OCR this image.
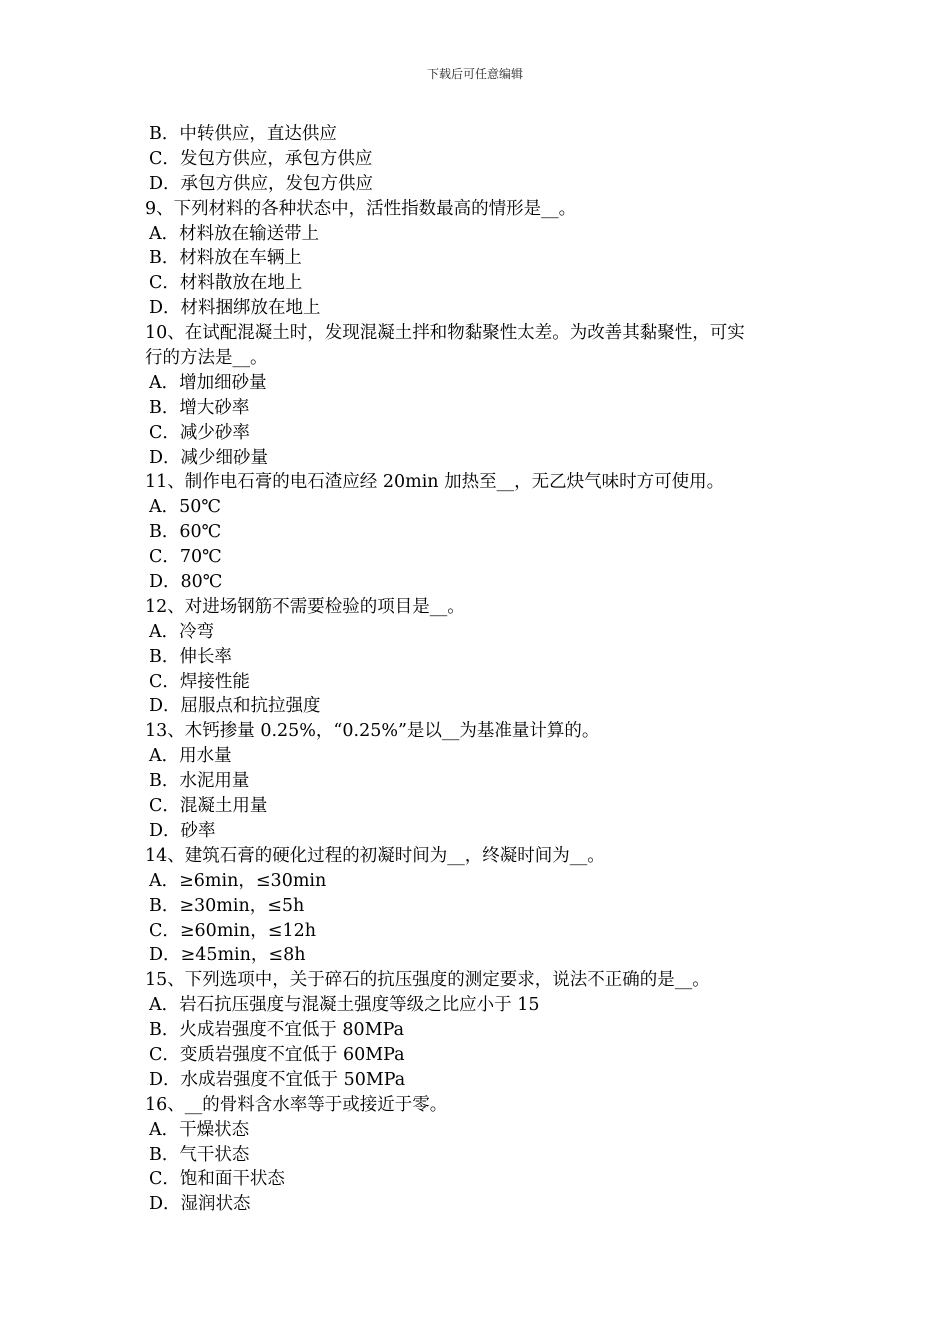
下载后可任意编辑
B．中转供应，直达供应
C．发包方供应，承包方供应
D．承包方供应，发包方供应
9、下列材料的各种状态中，活性指数最高的情形是__。
A．材料放在输送带上
B．材料放在车辆上
C．材料散放在地上
D．材料捆绑放在地上
10、在试配混凝土时，发现混凝土拌和物黏聚性太差。为改善其黏聚性，可实
行的方法是__。
A．增加细砂量
B．增大砂率
C．减少砂率
D．减少细砂量
11、制作电石膏的电石渣应经 20min 加热至__，无乙炔气味时方可使用。
A．50℃
B．60℃
C．70℃
D．80℃
12、对进场钢筋不需要检验的项目是__。
A．冷弯
B．伸长率
C．焊接性能
D．屈服点和抗拉强度
13、木钙掺量 0.25%，“0.25%”是以__为基准量计算的。
A．用水量
B．水泥用量
C．混凝土用量
D．砂率
14、建筑石膏的硬化过程的初凝时间为__，终凝时间为__。
A．≥6min，≤30min
B．≥30min，≤5h
C．≥60min，≤12h
D．≥45min，≤8h
15、下列选项中，关于碎石的抗压强度的测定要求，说法不正确的是__。
A．岩石抗压强度与混凝土强度等级之比应小于 15
B．火成岩强度不宜低于 80MPa
C．变质岩强度不宜低于 60MPa
D．水成岩强度不宜低于 50MPa
16、__的骨料含水率等于或接近于零。
A．干燥状态
B．气干状态
C．饱和面干状态
D．湿润状态
